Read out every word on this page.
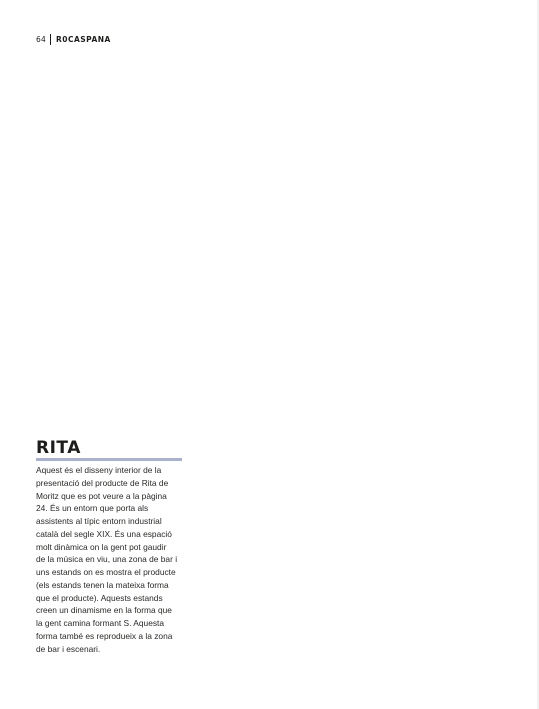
64 R0CASPANA
RITA

Aquest és el disseny interior de la
presentació del producte de Rita de
Moritz que es pot veure a la pàgina
24. És un entorn que porta als
assistents al típic entorn industrial
català del segle XIX. És una espació
molt dinàmica on la gent pot gaudir
de la música en viu, una zona de bar i
uns estands on es mostra el producte
(els estands tenen la mateixa forma
que el producte). Aquests estands
creen un dinamisme en la forma que
la gent camina formant S. Aquesta
forma també es reprodueix a la zona
de bar i escenari.
